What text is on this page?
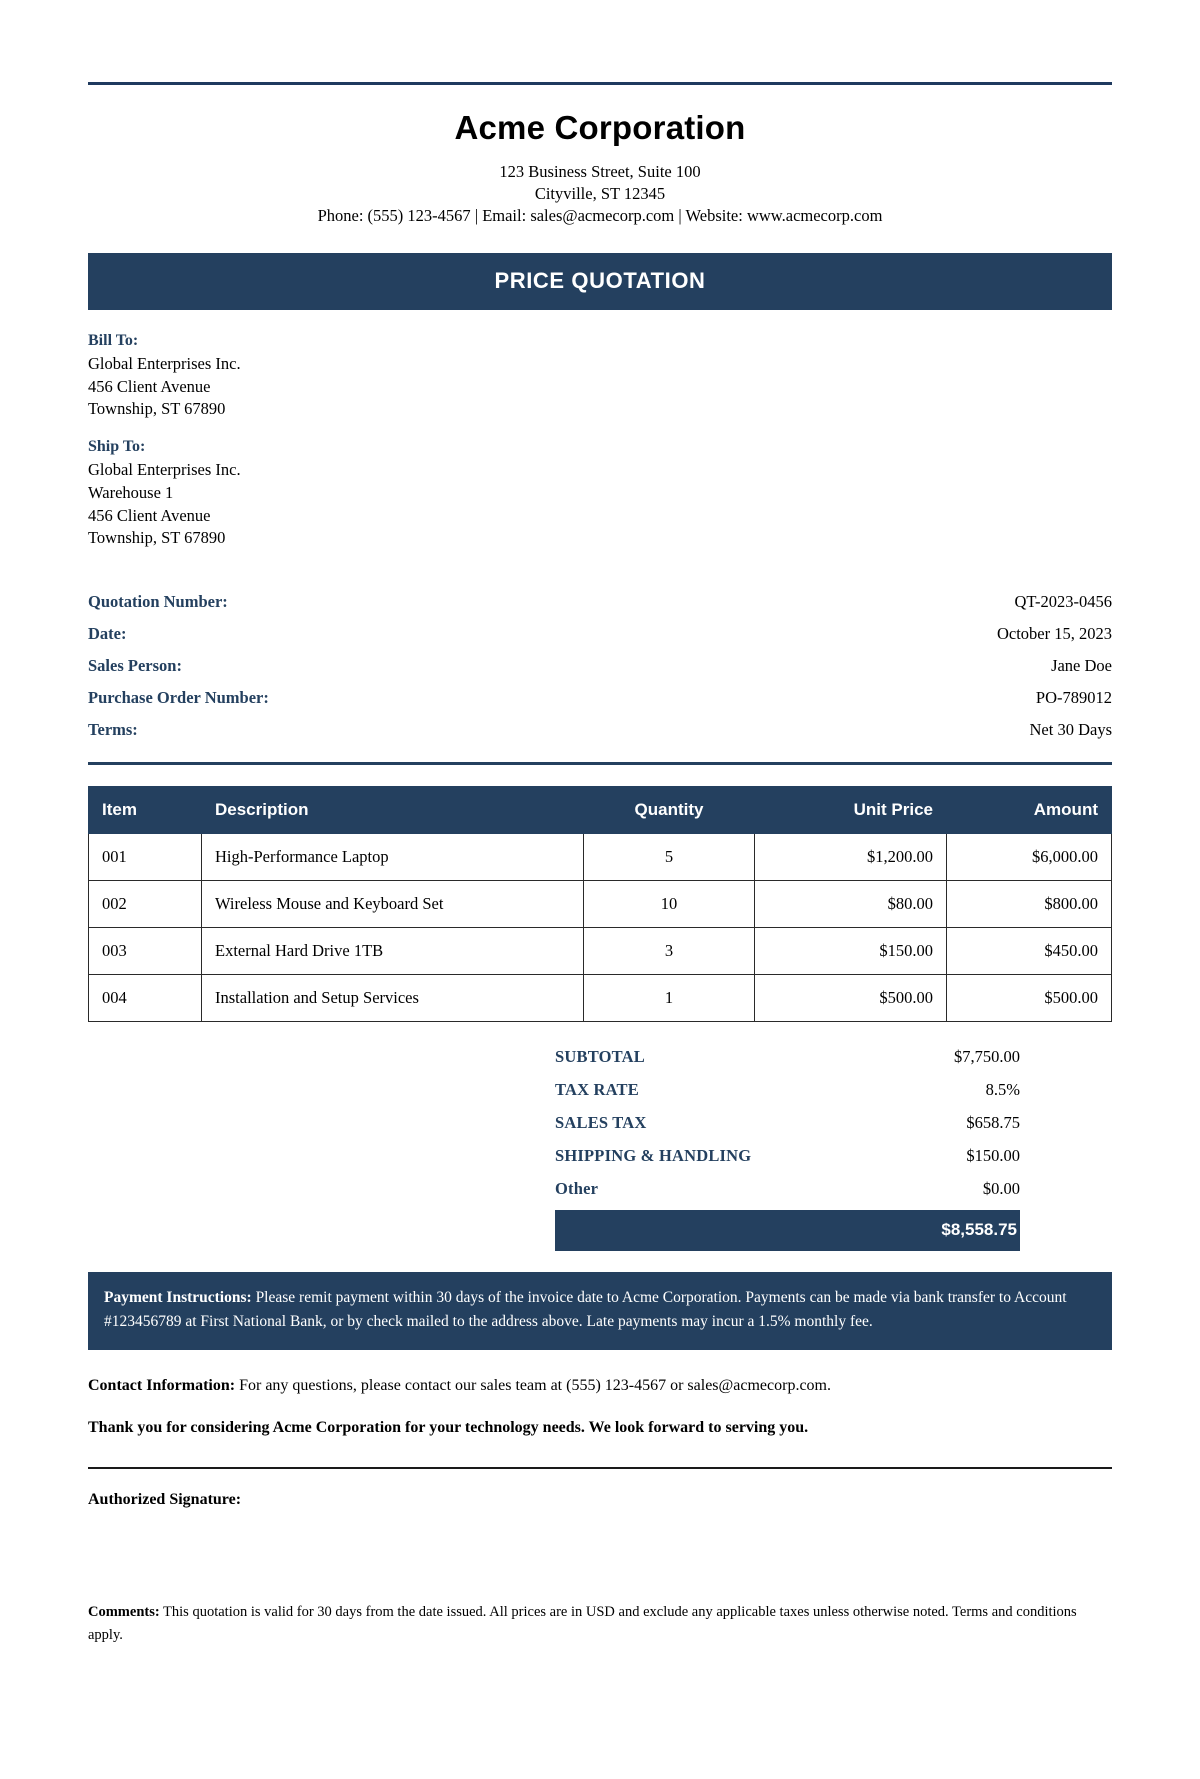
Acme Corporation
123 Business Street, Suite 100
Cityville, ST 12345
Phone: (555) 123-4567 | Email: sales@acmecorp.com | Website: www.acmecorp.com
PRICE QUOTATION
Bill To:
Global Enterprises Inc.
456 Client Avenue
Township, ST 67890
Ship To:
Global Enterprises Inc.
Warehouse 1
456 Client Avenue
Township, ST 67890
Quotation Number:	QT-2023-0456
Date:	October 15, 2023
Sales Person:	Jane Doe
Purchase Order Number:	PO-789012
Terms:	Net 30 Days
Item	Description	Quantity	Unit Price	Amount
001	High-Performance Laptop	5	$1,200.00	$6,000.00
002	Wireless Mouse and Keyboard Set	10	$80.00	$800.00
003	External Hard Drive 1TB	3	$150.00	$450.00
004	Installation and Setup Services	1	$500.00	$500.00
SUBTOTAL	$7,750.00
TAX RATE	8.5%
SALES TAX	$658.75
SHIPPING & HANDLING	$150.00
Other	$0.00
$8,558.75
Payment Instructions: Please remit payment within 30 days of the invoice date to Acme Corporation. Payments can be made via bank transfer to Account #123456789 at First National Bank, or by check mailed to the address above. Late payments may incur a 1.5% monthly fee.
Contact Information: For any questions, please contact our sales team at (555) 123-4567 or sales@acmecorp.com.
Thank you for considering Acme Corporation for your technology needs. We look forward to serving you.
Authorized Signature:
Comments: This quotation is valid for 30 days from the date issued. All prices are in USD and exclude any applicable taxes unless otherwise noted. Terms and conditions apply.
